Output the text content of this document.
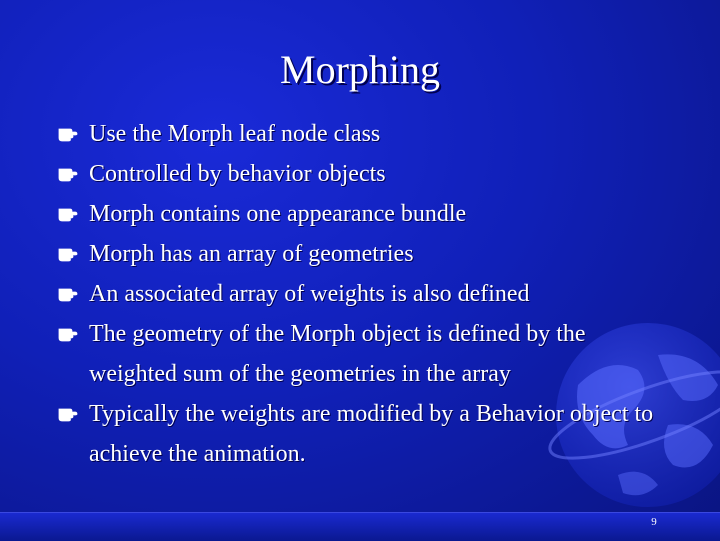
Morphing
Use the Morph leaf node class
Controlled by behavior objects
Morph contains one appearance bundle
Morph has an array of geometries
An associated array of weights is also defined
The geometry of the Morph object is defined by the weighted sum of the geometries in the array
Typically the weights are modified by a Behavior object to achieve the animation.
9
